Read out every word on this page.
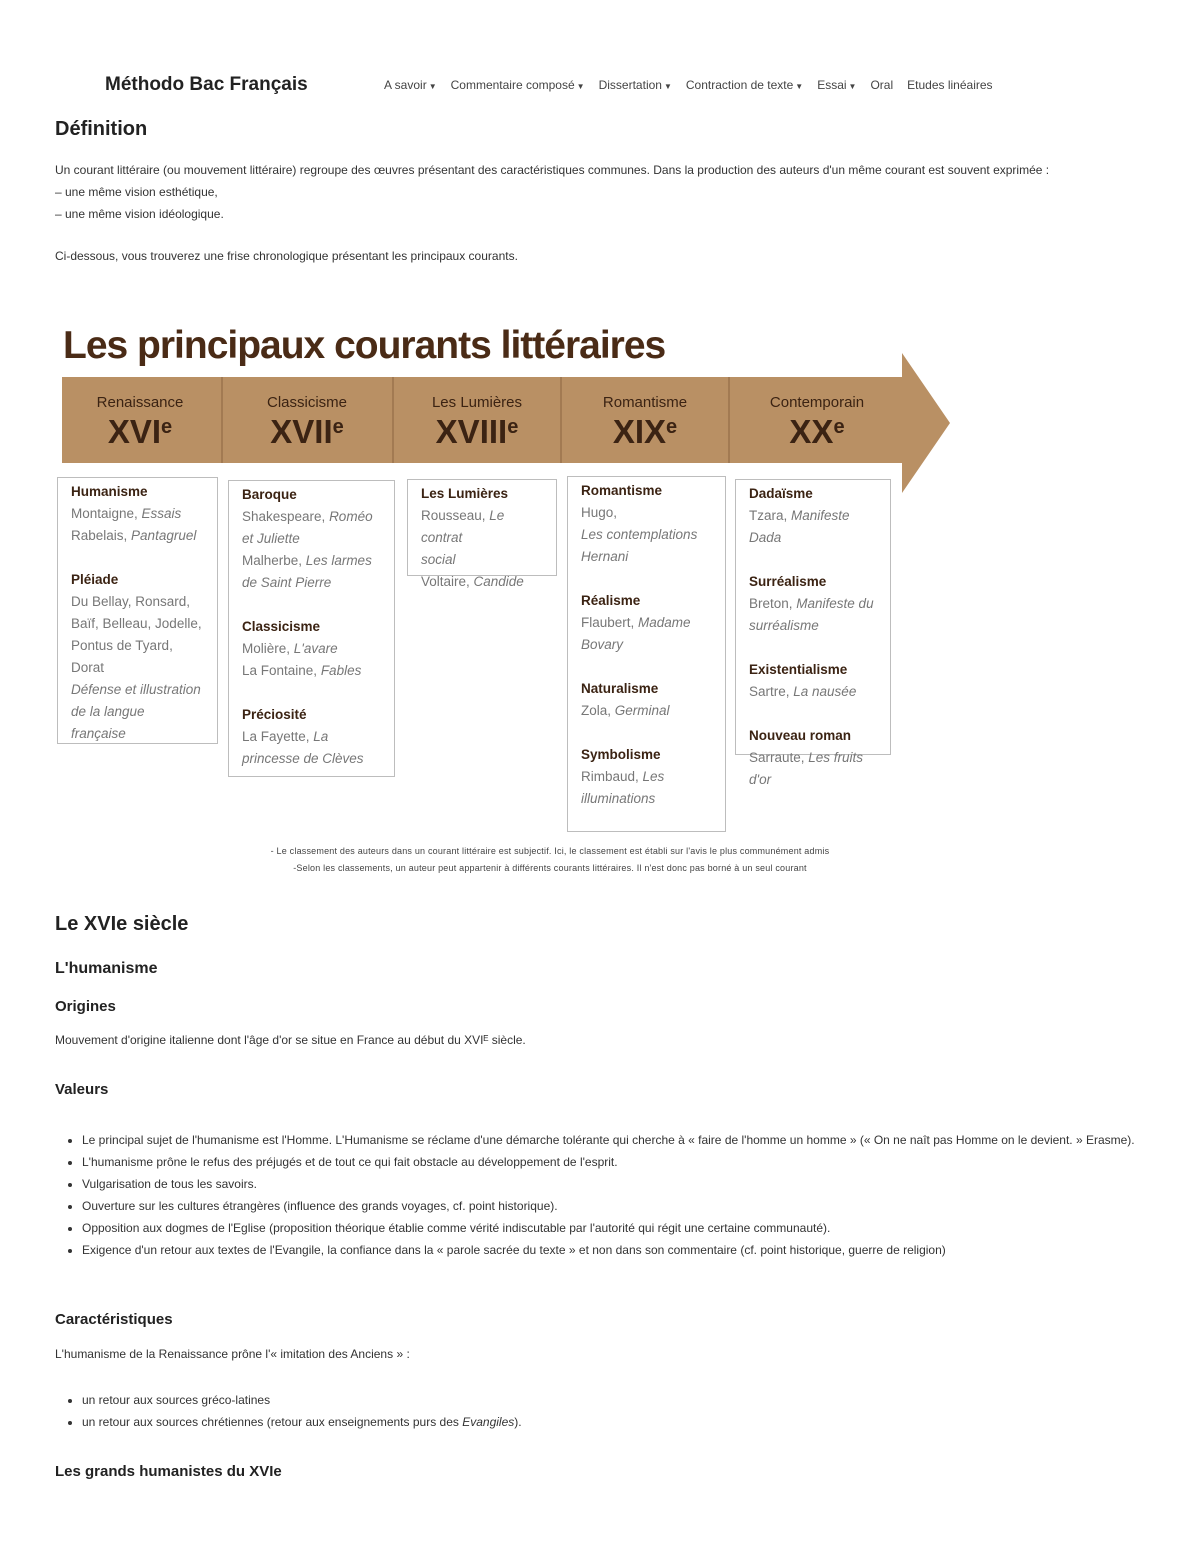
Méthodo Bac Français	A savoir ▼ Commentaire composé ▼ Dissertation ▼ Contraction de texte ▼ Essai ▼ Oral Etudes linéaires
Définition

Un courant littéraire (ou mouvement littéraire) regroupe des œuvres présentant des caractéristiques communes. Dans la production des auteurs d'un même courant est souvent exprimée :

– une même vision esthétique,

– une même vision idéologique.

Ci-dessous, vous trouverez une frise chronologique présentant les principaux courants.

Les principaux courants littéraires
Renaissance
XVIe
Classicisme
XVIIe
Les Lumières
XVIIIe
Romantisme
XIXe
Contemporain
XXe
Humanisme
Montaigne, Essais
Rabelais, Pantagruel
Pléiade
Du Bellay, Ronsard,
Baïf, Belleau, Jodelle,
Pontus de Tyard,
Dorat
Défense et illustration
de la langue
française
Baroque
Shakespeare, Roméo
et Juliette
Malherbe, Les larmes
de Saint Pierre
Classicisme
Molière, L'avare
La Fontaine, Fables
Préciosité
La Fayette, La
princesse de Clèves
Les Lumières
Rousseau, Le contrat
social
Voltaire, Candide
Romantisme
Hugo,
Les contemplations
Hernani
Réalisme
Flaubert, Madame
Bovary
Naturalisme
Zola, Germinal
Symbolisme
Rimbaud, Les
illuminations
Dadaïsme
Tzara, Manifeste Dada
Surréalisme
Breton, Manifeste du
surréalisme
Existentialisme
Sartre, La nausée
Nouveau roman
Sarraute, Les fruits d'or
- Le classement des auteurs dans un courant littéraire est subjectif. Ici, le classement est établi sur l'avis le plus communément admis
-Selon les classements, un auteur peut appartenir à différents courants littéraires. Il n'est donc pas borné à un seul courant
Le XVIe siècle
L'humanisme
Origines
Mouvement d'origine italienne dont l'âge d'or se situe en France au début du XVIᴱ siècle.
Valeurs
• Le principal sujet de l'humanisme est l'Homme. L'Humanisme se réclame d'une démarche tolérante qui cherche à « faire de l'homme un homme » (« On ne naît pas Homme on le devient. » Erasme).
• L'humanisme prône le refus des préjugés et de tout ce qui fait obstacle au développement de l'esprit.
• Vulgarisation de tous les savoirs.
• Ouverture sur les cultures étrangères (influence des grands voyages, cf. point historique).
• Opposition aux dogmes de l'Eglise (proposition théorique établie comme vérité indiscutable par l'autorité qui régit une certaine communauté).
• Exigence d'un retour aux textes de l'Evangile, la confiance dans la « parole sacrée du texte » et non dans son commentaire (cf. point historique, guerre de religion)
Caractéristiques
L'humanisme de la Renaissance prône l'« imitation des Anciens » :
• un retour aux sources gréco-latines
• un retour aux sources chrétiennes (retour aux enseignements purs des Evangiles).
Les grands humanistes du XVIe
